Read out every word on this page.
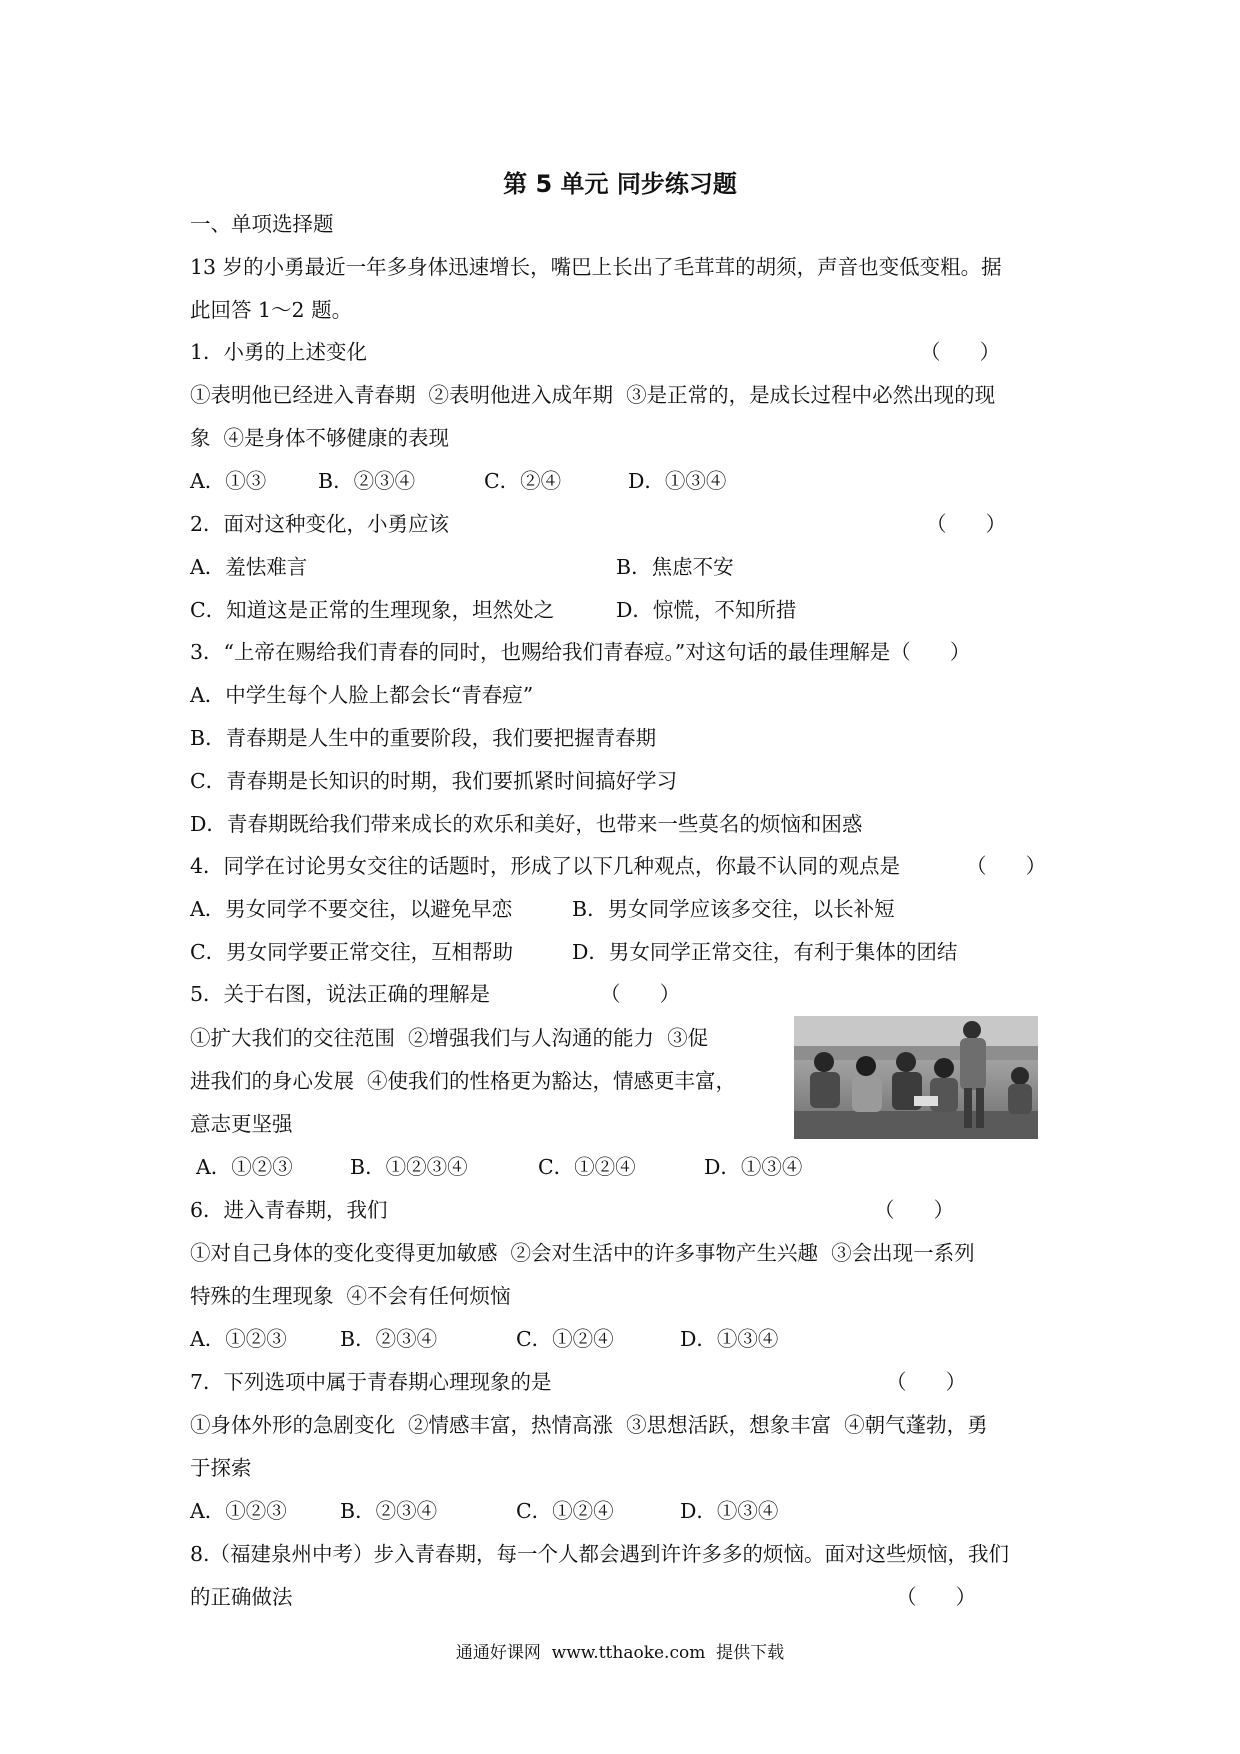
第 5 单元 同步练习题
一、单项选择题
13 岁的小勇最近一年多身体迅速增长，嘴巴上长出了毛茸茸的胡须，声音也变低变粗。据
此回答 1～2 题。
1．小勇的上述变化	（      ）
①表明他已经进入青春期  ②表明他进入成年期  ③是正常的，是成长过程中必然出现的现
象  ④是身体不够健康的表现
A．①③	B．②③④	C．②④	D．①③④
2．面对这种变化，小勇应该	（      ）
A．羞怯难言	B．焦虑不安
C．知道这是正常的生理现象，坦然处之	D．惊慌，不知所措
3．“上帝在赐给我们青春的同时，也赐给我们青春痘。”对这句话的最佳理解是（      ）
A．中学生每个人脸上都会长“青春痘”
B．青春期是人生中的重要阶段，我们要把握青春期
C．青春期是长知识的时期，我们要抓紧时间搞好学习
D．青春期既给我们带来成长的欢乐和美好，也带来一些莫名的烦恼和困惑
4．同学在讨论男女交往的话题时，形成了以下几种观点，你最不认同的观点是	（      ）
A．男女同学不要交往，以避免早恋	B．男女同学应该多交往，以长补短
C．男女同学要正常交往，互相帮助	D．男女同学正常交往，有利于集体的团结
5．关于右图，说法正确的理解是	（      ）
①扩大我们的交往范围  ②增强我们与人沟通的能力  ③促
进我们的身心发展  ④使我们的性格更为豁达，情感更丰富，
意志更坚强
A．①②③	B．①②③④	C．①②④	D．①③④
6．进入青春期，我们	（      ）
①对自己身体的变化变得更加敏感  ②会对生活中的许多事物产生兴趣  ③会出现一系列
特殊的生理现象  ④不会有任何烦恼
A．①②③	B．②③④	C．①②④	D．①③④
7．下列选项中属于青春期心理现象的是	（      ）
①身体外形的急剧变化  ②情感丰富，热情高涨  ③思想活跃，想象丰富  ④朝气蓬勃，勇
于探索
A．①②③	B．②③④	C．①②④	D．①③④
8.（福建泉州中考）步入青春期，每一个人都会遇到许许多多的烦恼。面对这些烦恼，我们
的正确做法	（      ）
通通好课网  www.tthaoke.com  提供下载
